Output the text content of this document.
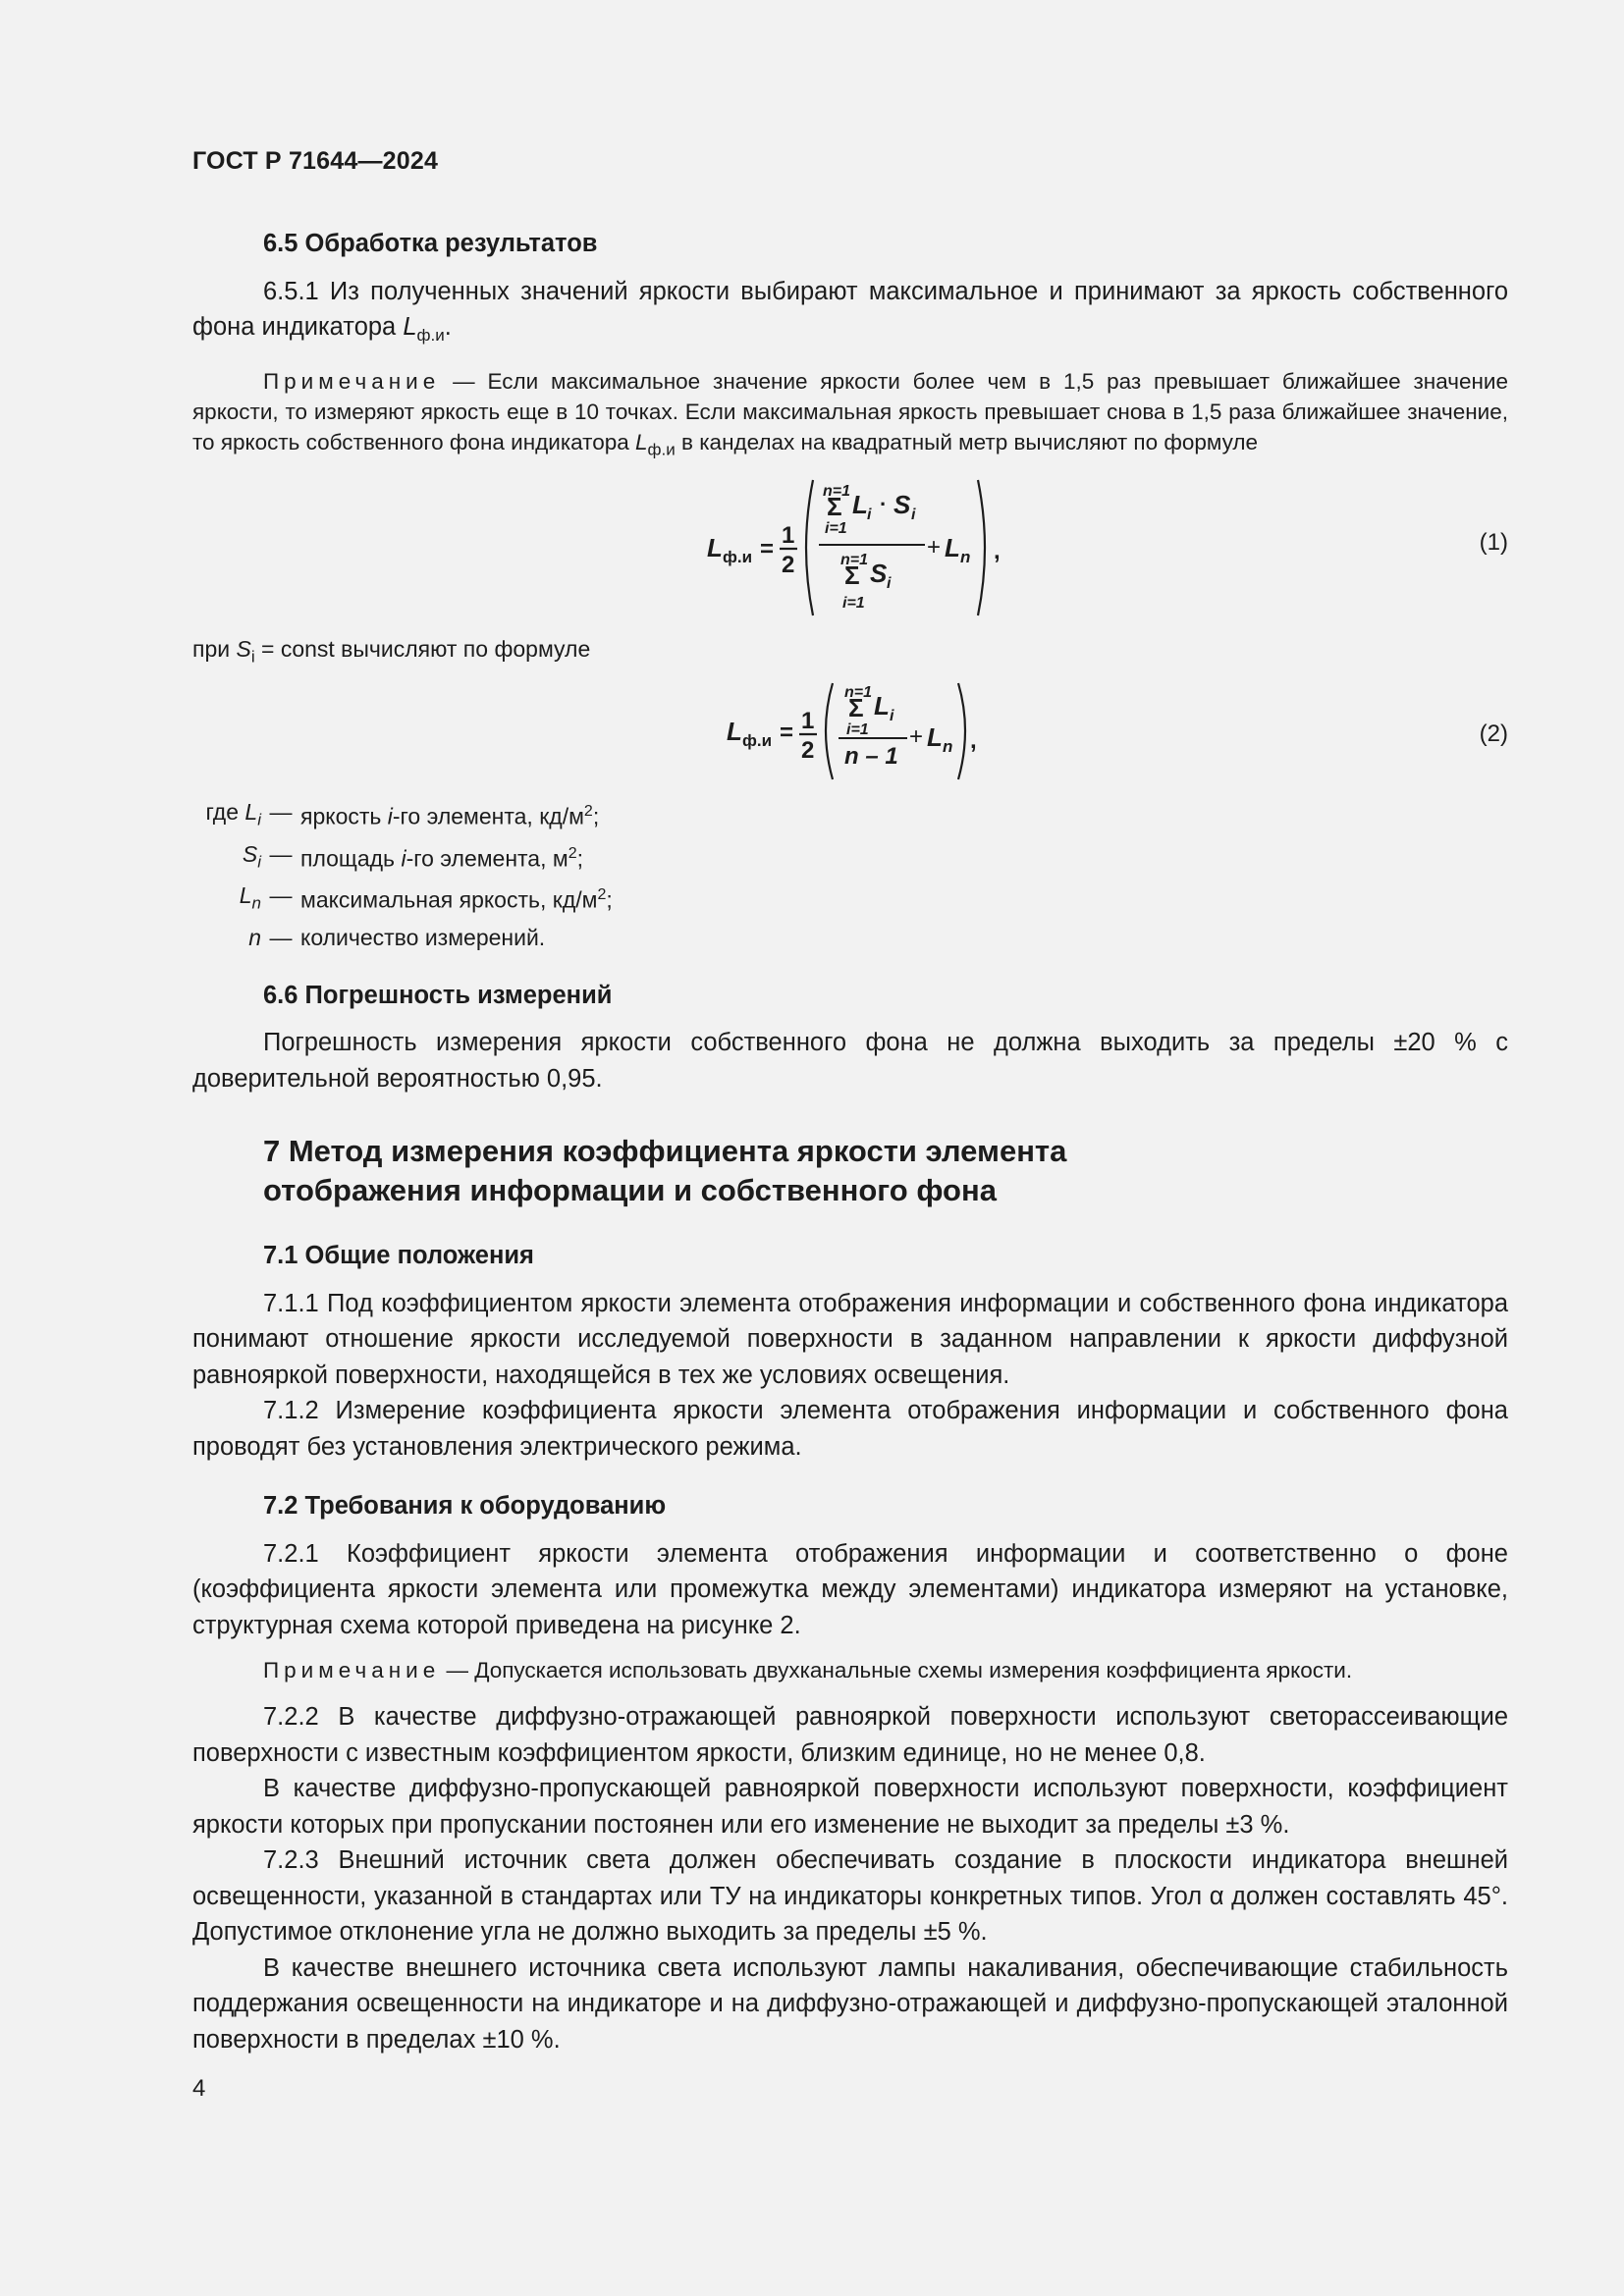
ГОСТ Р 71644—2024
6.5 Обработка результатов

6.5.1 Из полученных значений яркости выбирают максимальное и принимают за яркость собственного фона индикатора $L_{ф.и}$.

Примечание — Если максимальное значение яркости более чем в 1,5 раз превышает ближайшее значение яркости, то измеряют яркость еще в 10 точках. Если максимальная яркость превышает снова в 1,5 раза ближайшее значение, то яркость собственного фона индикатора $L_{ф.и}$ в канделах на квадратный метр вычисляют по формуле

L ф.и =
1
2
n=1
Σ L i · S i
i=1
n=1
Σ S i
i=1
+ L n ,	(1)

при $S_i$ = const вычисляют по формуле

L ф.и = 1
2
n=1
Σ L i
i=1
n – 1
+ L n ,	(2)
где $L_i$ — яркость i-го элемента, $кд/м^2$;
$S_i$ — площадь i-го элемента, $м^2$;
$L_n$ — максимальная яркость, $кд/м^2$;
n — количество измерений.
6.6 Погрешность измерений

Погрешность измерения яркости собственного фона не должна выходить за пределы ±20 % с доверительной вероятностью 0,95.

7 Метод измерения коэффициента яркости элемента
отображения информации и собственного фона
7.1 Общие положения

7.1.1 Под коэффициентом яркости элемента отображения информации и собственного фона индикатора понимают отношение яркости исследуемой поверхности в заданном направлении к яркости диффузной равнояркой поверхности, находящейся в тех же условиях освещения.

7.1.2 Измерение коэффициента яркости элемента отображения информации и собственного фона проводят без установления электрического режима.

7.2 Требования к оборудованию

7.2.1 Коэффициент яркости элемента отображения информации и соответственно о фоне (коэффициента яркости элемента или промежутка между элементами) индикатора измеряют на установке, структурная схема которой приведена на рисунке 2.

Примечание — Допускается использовать двухканальные схемы измерения коэффициента яркости.

7.2.2 В качестве диффузно-отражающей равнояркой поверхности используют светорассеивающие поверхности с известным коэффициентом яркости, близким единице, но не менее 0,8.

В качестве диффузно-пропускающей равнояркой поверхности используют поверхности, коэффициент яркости которых при пропускании постоянен или его изменение не выходит за пределы ±3 %.

7.2.3 Внешний источник света должен обеспечивать создание в плоскости индикатора внешней освещенности, указанной в стандартах или ТУ на индикаторы конкретных типов. Угол α должен составлять 45°. Допустимое отклонение угла не должно выходить за пределы ±5 %.

В качестве внешнего источника света используют лампы накаливания, обеспечивающие стабильность поддержания освещенности на индикаторе и на диффузно-отражающей и диффузно-пропускающей эталонной поверхности в пределах ±10 %.

4
